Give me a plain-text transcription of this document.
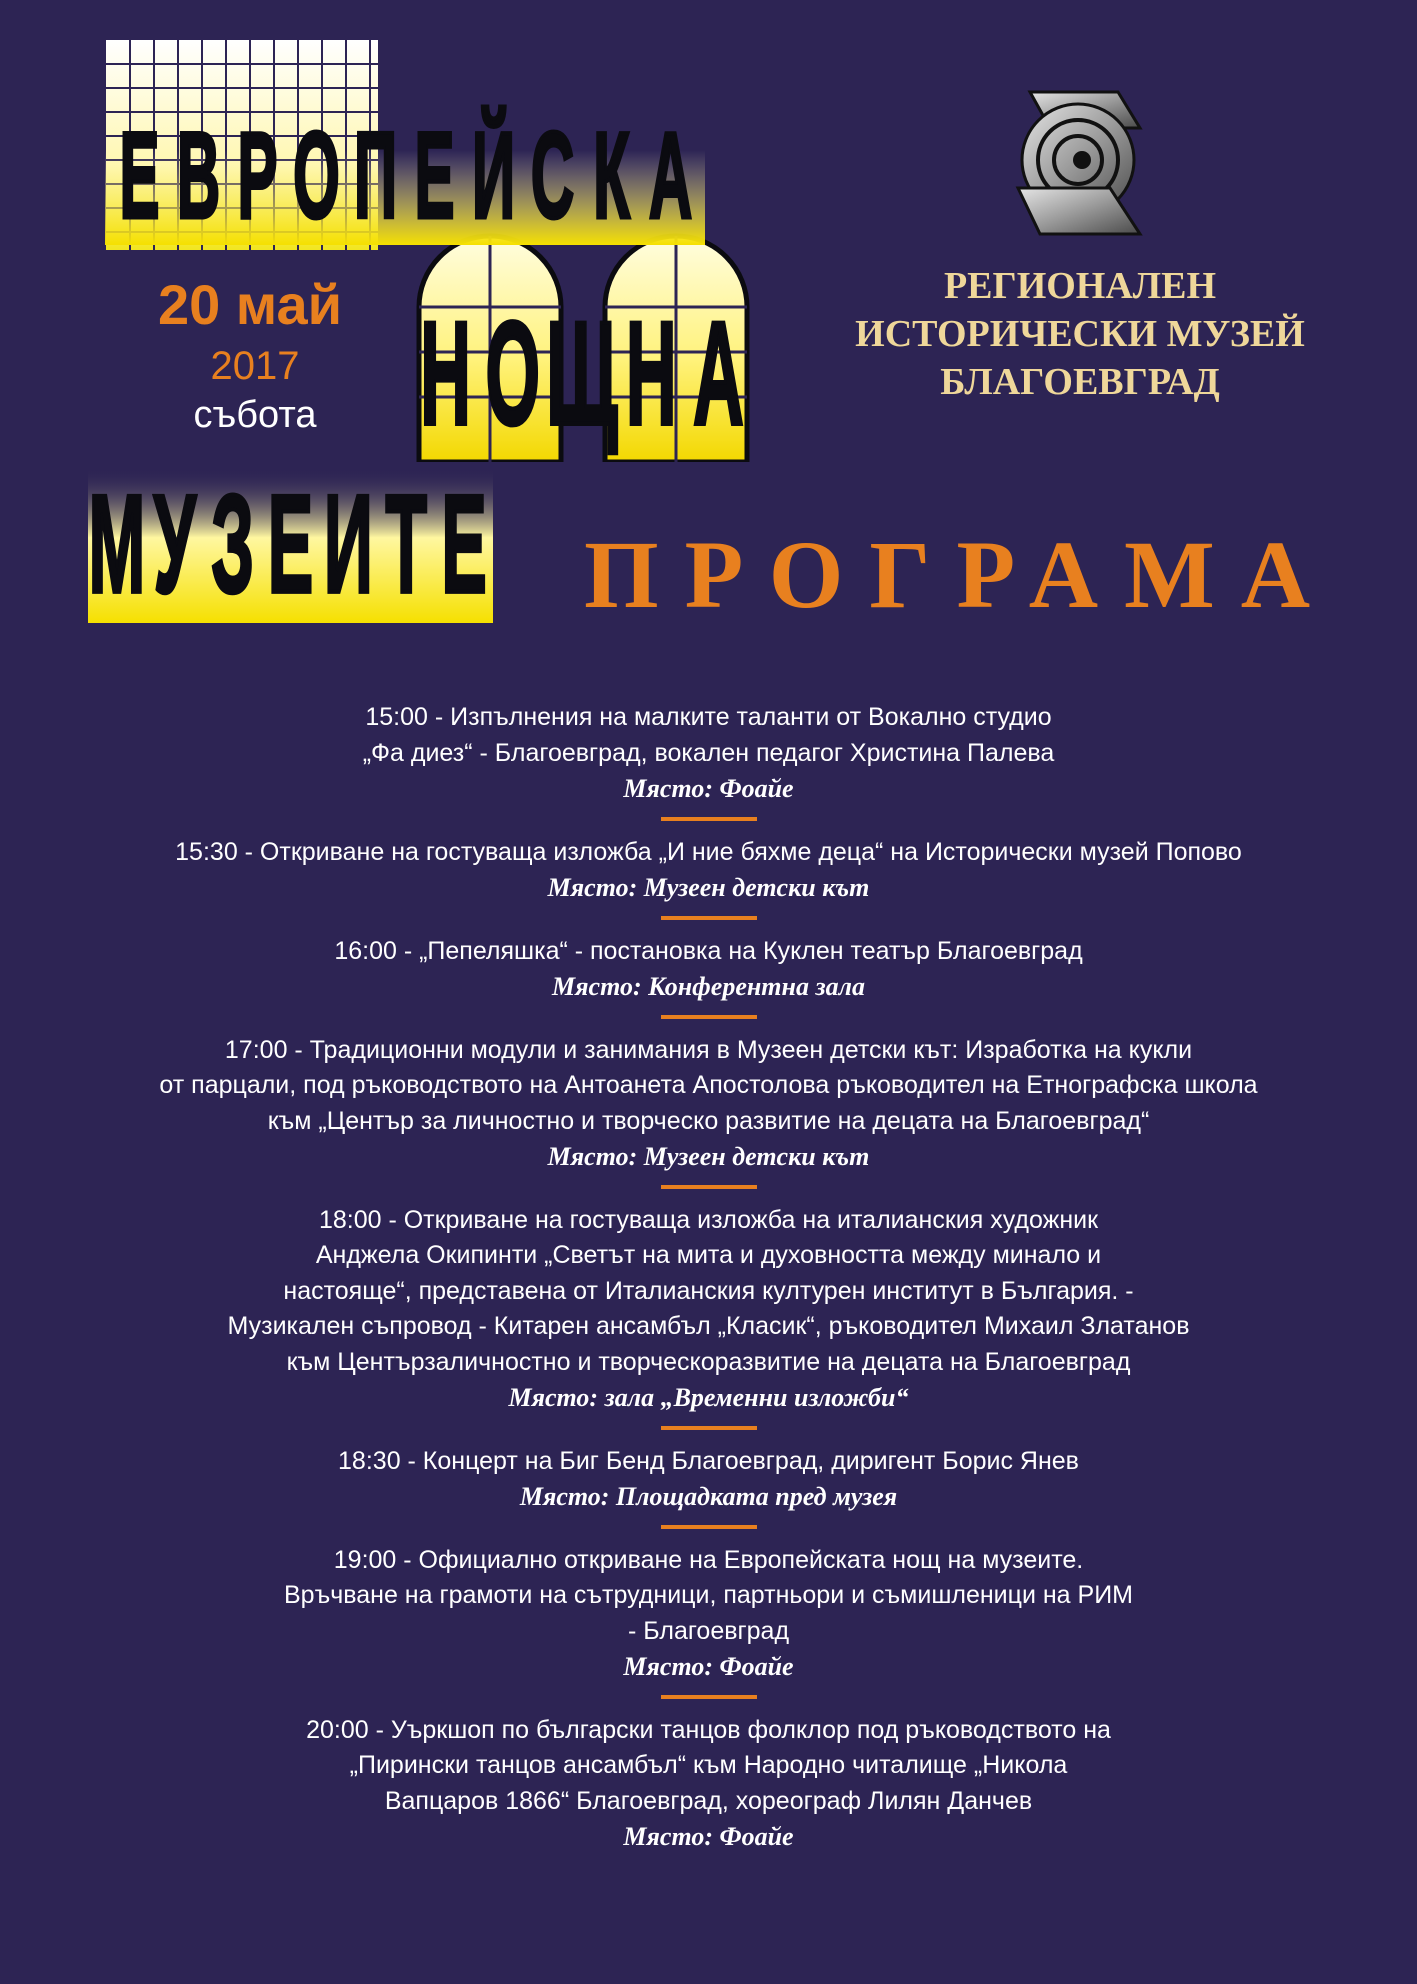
Е В Р О П Е Й С К А
Н О Щ Н А
М У З Е И Т Е
20 май
2017
събота
РЕГИОНАЛЕН
ИСТОРИЧЕСКИ МУЗЕЙ
БЛАГОЕВГРАД
ПРОГРАМА
15:00 - Изпълнения на малките таланти от Вокално студио
„Фа диез“ - Благоевград, вокален педагог Христина Палева
Място: Фоайе
15:30 - Откриване на гостуваща изложба „И ние бяхме деца“ на Исторически музей Попово
Място: Музеен детски кът
16:00 - „Пепеляшка“ - постановка на Куклен театър Благоевград
Място: Конферентна зала
17:00 - Традиционни модули и занимания в Музеен детски кът: Изработка на кукли
от парцали, под ръководството на Антоанета Апостолова ръководител на Етнографска школа
към „Център за личностно и творческо развитие на децата на Благоевград“
Място: Музеен детски кът
18:00 - Откриване на гостуваща изложба на италианския художник
Анджела Окипинти „Светът на мита и духовността между минало и
настояще“, представена от Италианския културен институт в България. -
Музикален съпровод - Китарен ансамбъл „Класик“, ръководител Михаил Златанов
към Центързаличностно и творческоразвитие на децата на Благоевград
Място: зала „Временни изложби“
18:30 - Концерт на Биг Бенд Благоевград, диригент Борис Янев
Място: Площадката пред музея
19:00 - Официално откриване на Европейската нощ на музеите.
Връчване на грамоти на сътрудници, партньори и съмишленици на РИМ
- Благоевград
Място: Фоайе
20:00 - Уъркшоп по български танцов фолклор под ръководството на
„Пирински танцов ансамбъл“ към Народно читалище „Никола
Вапцаров 1866“ Благоевград, хореограф Лилян Данчев
Място: Фоайе
